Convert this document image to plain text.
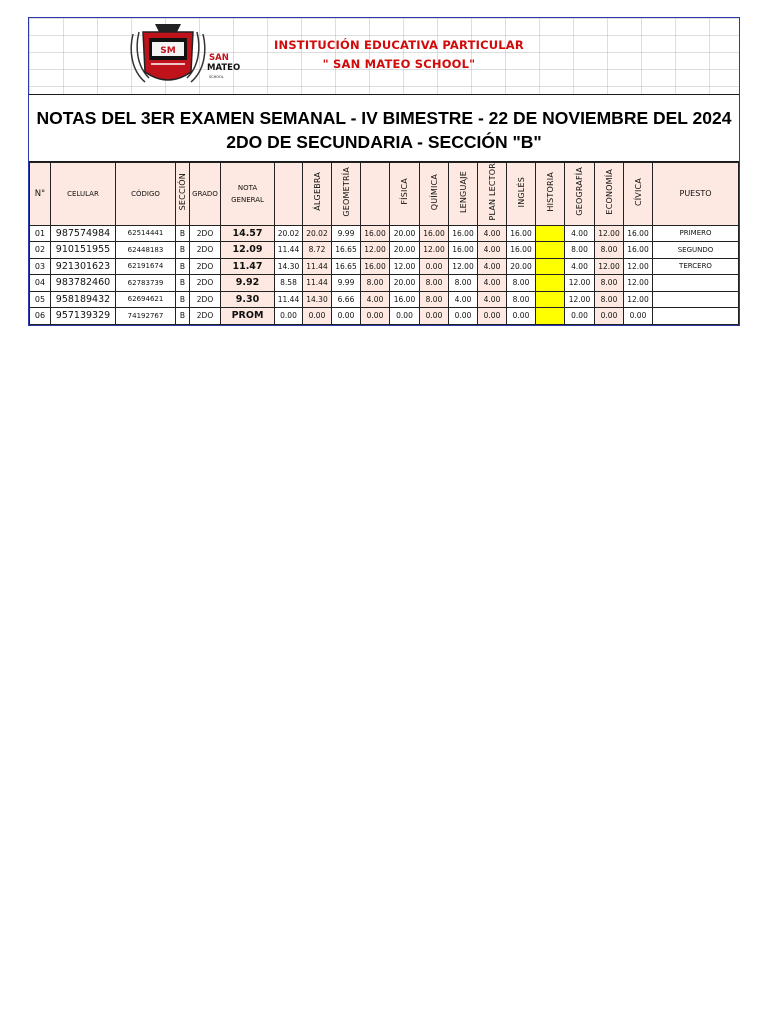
SM
SAN
MATEO
SCHOOL
INSTITUCIÓN EDUCATIVA PARTICULAR
" SAN MATEO SCHOOL"
NOTAS DEL 3ER EXAMEN SEMANAL - IV BIMESTRE - 22 DE NOVIEMBRE DEL 2024
2DO DE SECUNDARIA - SECCIÓN "B"
N°	CELULAR	CÓDIGO	SECCIÓN	GRADO	NOTA
GENERAL		ÁLGEBRA	GEOMETRÍA		FÍSICA	QUÍMICA	LENGUAJE	PLAN LECTOR	INGLÉS	HISTORIA	GEOGRAFÍA	ECONOMÍA	CÍVICA	PUESTO
01	987574984	62514441	B	2DO	14.57	20.02	20.02	9.99	16.00	20.00	16.00	16.00	4.00	16.00		4.00	12.00	16.00	PRIMERO
02	910151955	62448183	B	2DO	12.09	11.44	8.72	16.65	12.00	20.00	12.00	16.00	4.00	16.00		8.00	8.00	16.00	SEGUNDO
03	921301623	62191674	B	2DO	11.47	14.30	11.44	16.65	16.00	12.00	0.00	12.00	4.00	20.00		4.00	12.00	12.00	TERCERO
04	983782460	62783739	B	2DO	9.92	8.58	11.44	9.99	8.00	20.00	8.00	8.00	4.00	8.00		12.00	8.00	12.00	
05	958189432	62694621	B	2DO	9.30	11.44	14.30	6.66	4.00	16.00	8.00	4.00	4.00	8.00		12.00	8.00	12.00	
06	957139329	74192767	B	2DO	PROM	0.00	0.00	0.00	0.00	0.00	0.00	0.00	0.00	0.00		0.00	0.00	0.00	
